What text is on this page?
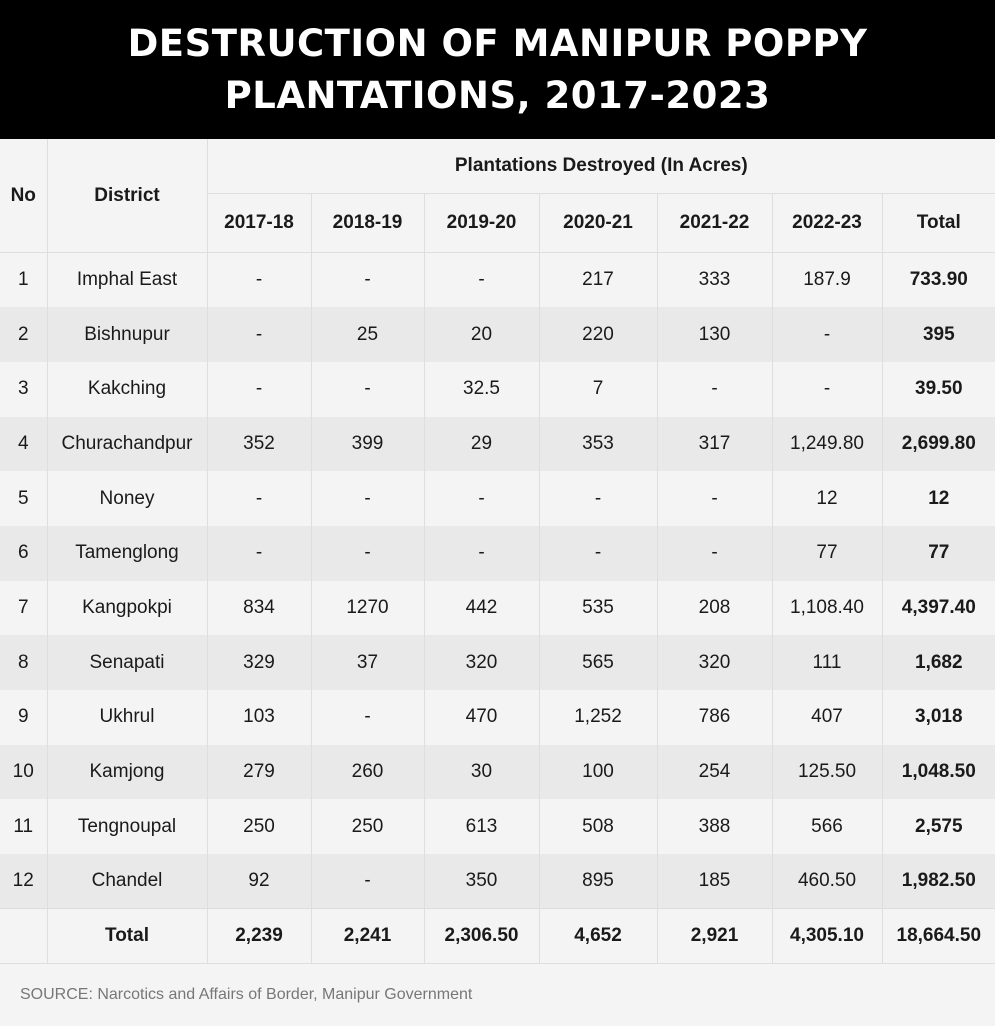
DESTRUCTION OF MANIPUR POPPY
PLANTATIONS, 2017-2023
No	District	Plantations Destroyed (In Acres)						
		2017-18	2018-19	2019-20	2020-21	2021-22	2022-23	Total
1	Imphal East	-	-	-	217	333	187.9	733.90
2	Bishnupur	-	25	20	220	130	-	395
3	Kakching	-	-	32.5	7	-	-	39.50
4	Churachandpur	352	399	29	353	317	1,249.80	2,699.80
5	Noney	-	-	-	-	-	12	12
6	Tamenglong	-	-	-	-	-	77	77
7	Kangpokpi	834	1270	442	535	208	1,108.40	4,397.40
8	Senapati	329	37	320	565	320	111	1,682
9	Ukhrul	103	-	470	1,252	786	407	3,018
10	Kamjong	279	260	30	100	254	125.50	1,048.50
11	Tengnoupal	250	250	613	508	388	566	2,575
12	Chandel	92	-	350	895	185	460.50	1,982.50
	Total	2,239	2,241	2,306.50	4,652	2,921	4,305.10	18,664.50
SOURCE: Narcotics and Affairs of Border, Manipur Government
